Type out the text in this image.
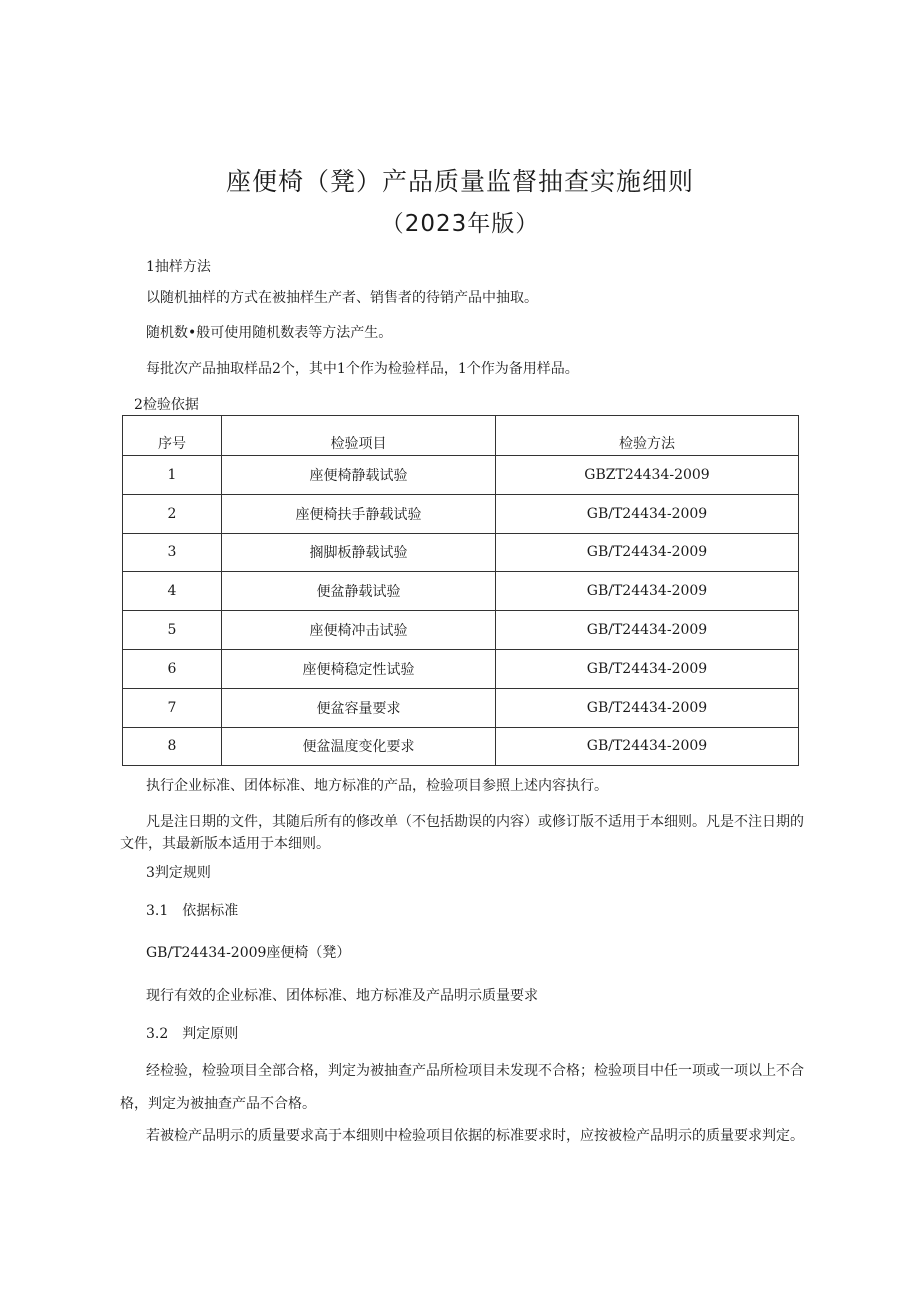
座便椅（凳）产品质量监督抽查实施细则
（2023年版）
1抽样方法
以随机抽样的方式在被抽样生产者、销售者的待销产品中抽取。
随机数•般可使用随机数表等方法产生。
每批次产品抽取样品2个，其中1个作为检验样品，1个作为备用样品。
2检验依据
序号	检验项目	检验方法
1	座便椅静载试验	GBZT24434-2009
2	座便椅扶手静载试验	GB/T24434-2009
3	搁脚板静载试验	GB/T24434-2009
4	便盆静载试验	GB/T24434-2009
5	座便椅冲击试验	GB/T24434-2009
6	座便椅稳定性试验	GB/T24434-2009
7	便盆容量要求	GB/T24434-2009
8	便盆温度变化要求	GB/T24434-2009
执行企业标准、团体标准、地方标准的产品，检验项目参照上述内容执行。
凡是注日期的文件，其随后所有的修改单（不包括勘误的内容）或修订版不适用于本细则。凡是不注日期的文件，其最新版本适用于本细则。
3判定规则
3.1 依据标准
GB/T24434-2009座便椅（凳）
现行有效的企业标准、团体标准、地方标准及产品明示质量要求
3.2 判定原则
经检验，检验项目全部合格，判定为被抽查产品所检项目未发现不合格；检验项目中任一项或一项以上不合格，判定为被抽查产品不合格。
若被检产品明示的质量要求高于本细则中检验项目依据的标准要求时，应按被检产品明示的质量要求判定。
